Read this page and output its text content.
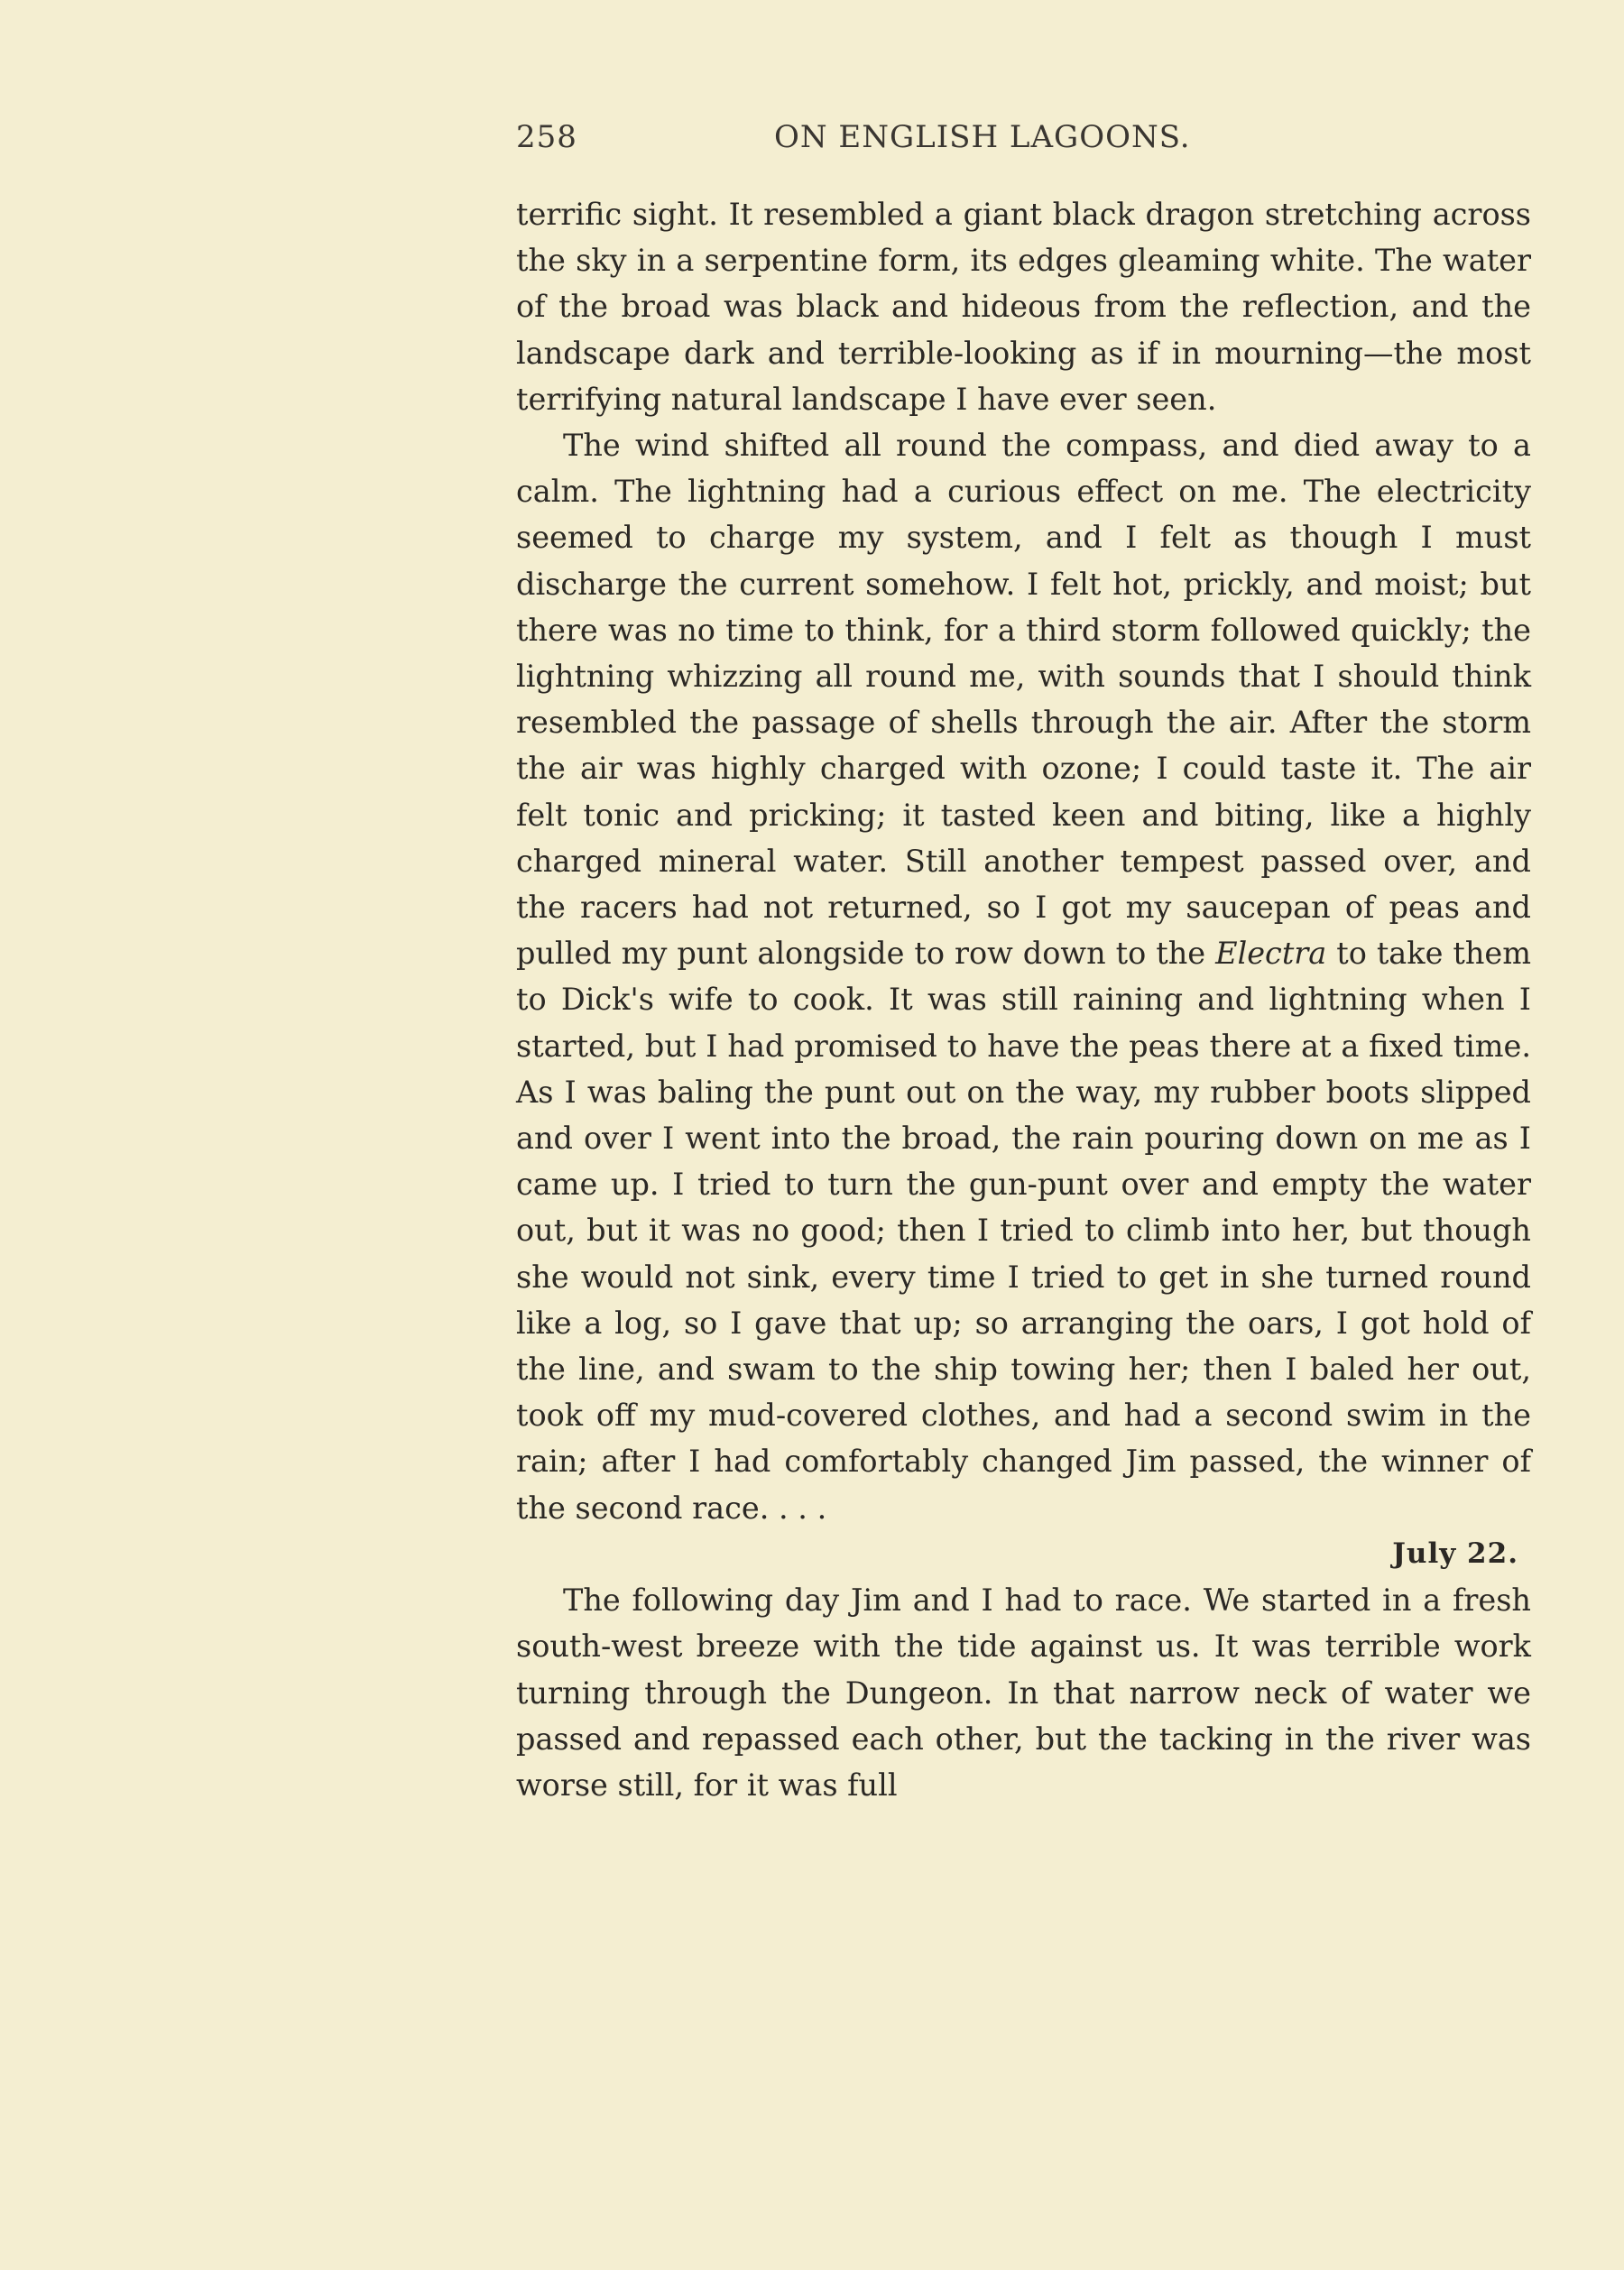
258	ON ENGLISH LAGOONS.

terrific sight. It resembled a giant black dragon stretching across the sky in a serpentine form, its edges gleaming white. The water of the broad was black and hideous from the reflection, and the landscape dark and terrible-looking as if in mourning—the most terrifying natural landscape I have ever seen.

The wind shifted all round the compass, and died away to a calm. The lightning had a curious effect on me. The electricity seemed to charge my system, and I felt as though I must discharge the current somehow. I felt hot, prickly, and moist; but there was no time to think, for a third storm followed quickly; the lightning whizzing all round me, with sounds that I should think resembled the passage of shells through the air. After the storm the air was highly charged with ozone; I could taste it. The air felt tonic and pricking; it tasted keen and biting, like a highly charged mineral water. Still another tempest passed over, and the racers had not returned, so I got my saucepan of peas and pulled my punt alongside to row down to the Electra to take them to Dick's wife to cook. It was still raining and lightning when I started, but I had promised to have the peas there at a fixed time. As I was baling the punt out on the way, my rubber boots slipped and over I went into the broad, the rain pouring down on me as I came up. I tried to turn the gun-punt over and empty the water out, but it was no good; then I tried to climb into her, but though she would not sink, every time I tried to get in she turned round like a log, so I gave that up; so arranging the oars, I got hold of the line, and swam to the ship towing her; then I baled her out, took off my mud-covered clothes, and had a second swim in the rain; after I had comfortably changed Jim passed, the winner of the second race. . . .

July 22.

The following day Jim and I had to race. We started in a fresh south-west breeze with the tide against us. It was terrible work turning through the Dungeon. In that narrow neck of water we passed and repassed each other, but the tacking in the river was worse still, for it was full
